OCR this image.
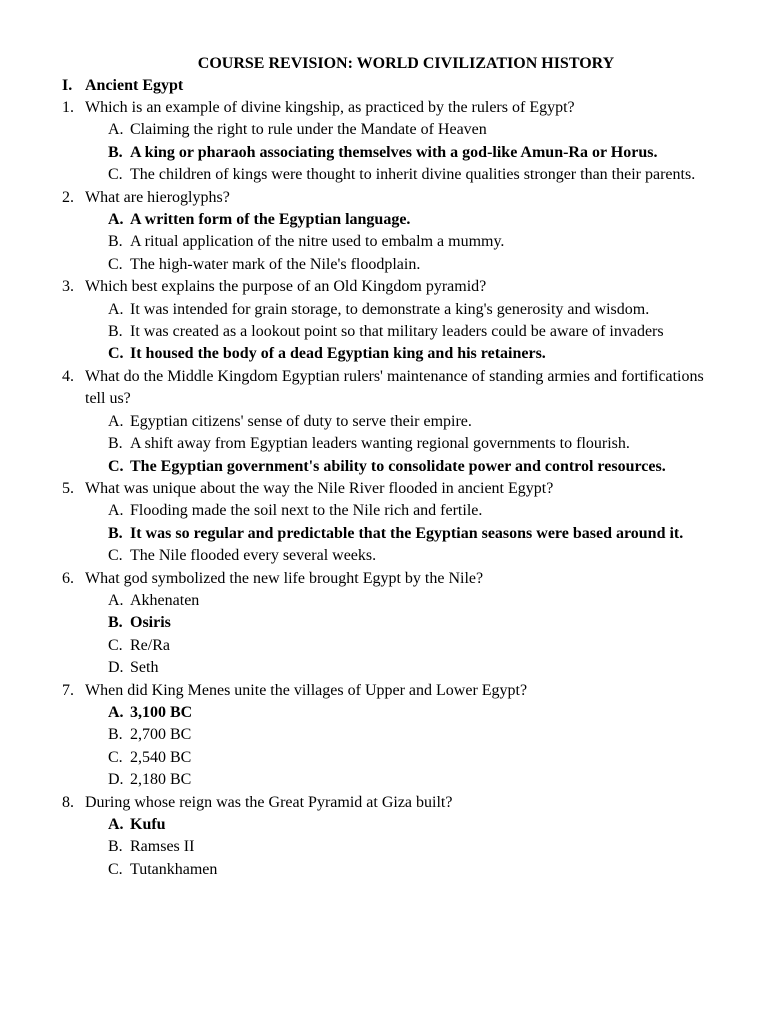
COURSE REVISION: WORLD CIVILIZATION HISTORY
I. Ancient Egypt
1. Which is an example of divine kingship, as practiced by the rulers of Egypt?
A. Claiming the right to rule under the Mandate of Heaven
B. A king or pharaoh associating themselves with a god-like Amun-Ra or Horus.
C. The children of kings were thought to inherit divine qualities stronger than their parents.
2. What are hieroglyphs?
A. A written form of the Egyptian language.
B. A ritual application of the nitre used to embalm a mummy.
C. The high-water mark of the Nile's floodplain.
3. Which best explains the purpose of an Old Kingdom pyramid?
A. It was intended for grain storage, to demonstrate a king's generosity and wisdom.
B. It was created as a lookout point so that military leaders could be aware of invaders
C. It housed the body of a dead Egyptian king and his retainers.
4. What do the Middle Kingdom Egyptian rulers' maintenance of standing armies and fortifications tell us?
A. Egyptian citizens' sense of duty to serve their empire.
B. A shift away from Egyptian leaders wanting regional governments to flourish.
C. The Egyptian government's ability to consolidate power and control resources.
5. What was unique about the way the Nile River flooded in ancient Egypt?
A. Flooding made the soil next to the Nile rich and fertile.
B. It was so regular and predictable that the Egyptian seasons were based around it.
C. The Nile flooded every several weeks.
6. What god symbolized the new life brought Egypt by the Nile?
A. Akhenaten
B. Osiris
C. Re/Ra
D. Seth
7. When did King Menes unite the villages of Upper and Lower Egypt?
A. 3,100 BC
B. 2,700 BC
C. 2,540 BC
D. 2,180 BC
8. During whose reign was the Great Pyramid at Giza built?
A. Kufu
B. Ramses II
C. Tutankhamen
